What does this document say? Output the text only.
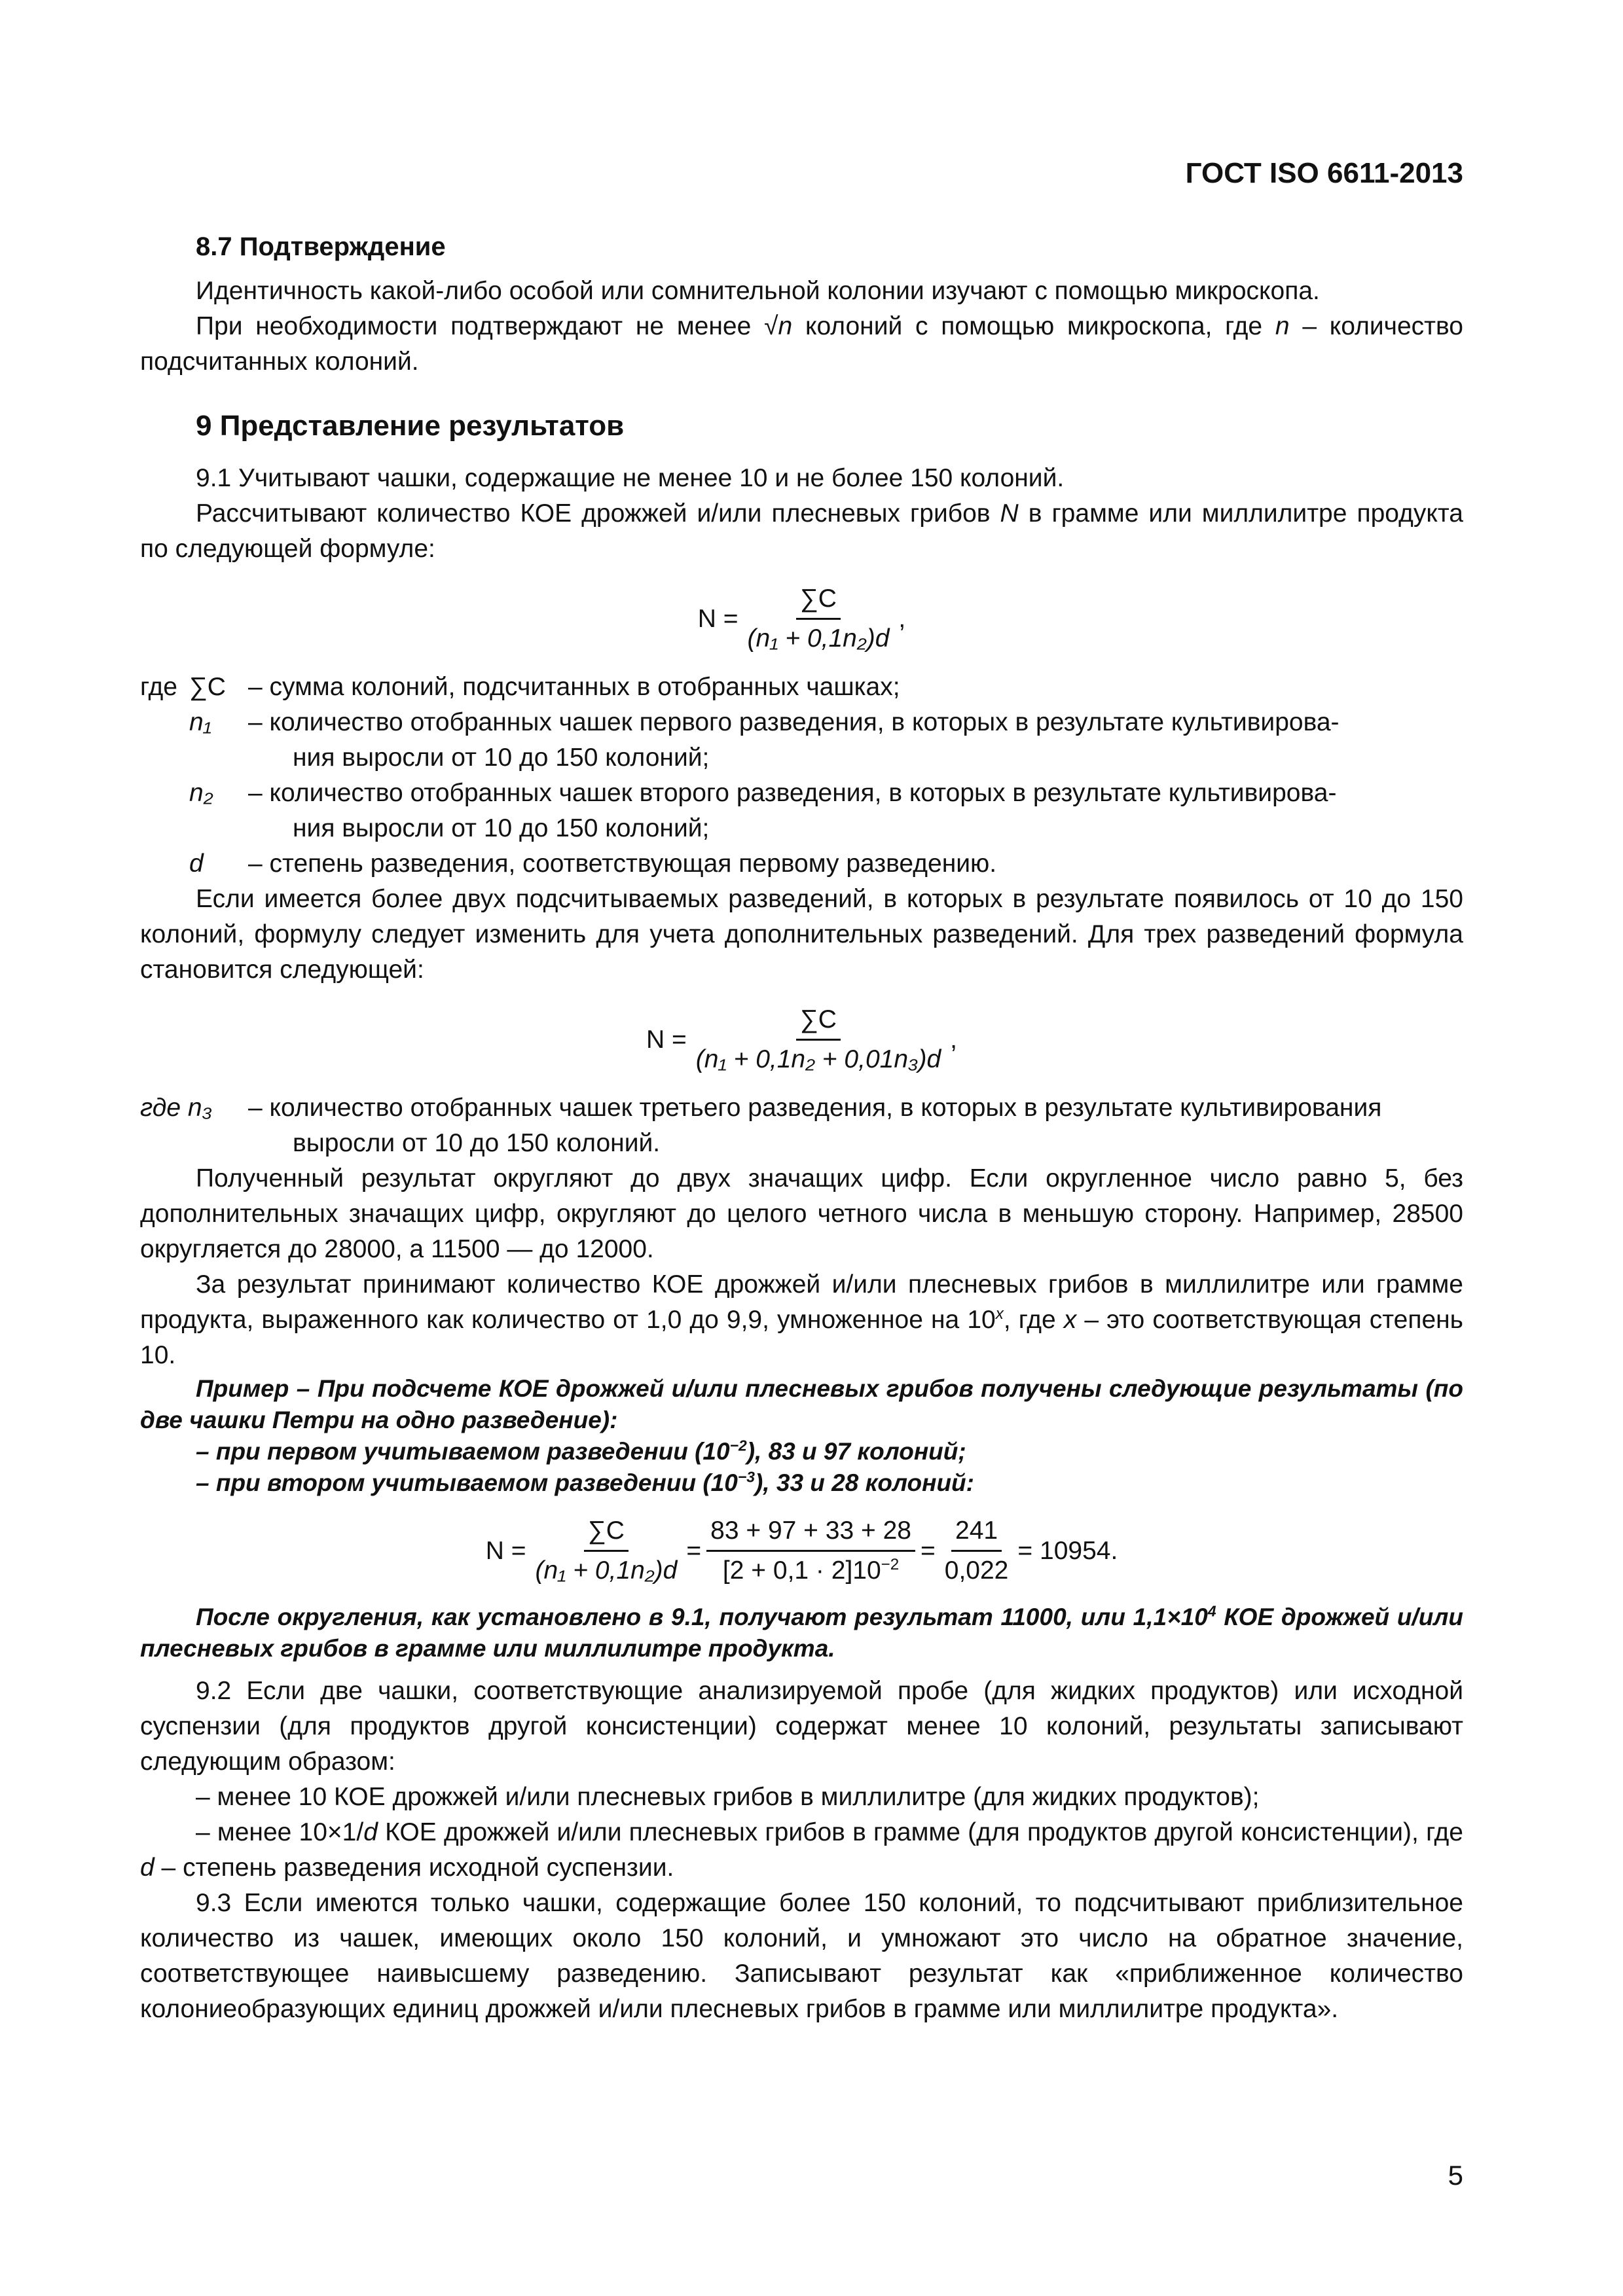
ГОСТ ISO 6611-2013
8.7 Подтверждение

Идентичность какой-либо особой или сомнительной колонии изучают с помощью микроскопа.

При необходимости подтверждают не менее √n колоний с помощью микроскопа, где n – количество подсчитанных колоний.

9 Представление результатов

9.1 Учитывают чашки, содержащие не менее 10 и не более 150 колоний.

Рассчитывают количество КОЕ дрожжей и/или плесневых грибов N в грамме или миллилитре продукта по следующей формуле:

$N = \frac{\sum C}{\text{(n₁ + 0,1n₂)d}}$ ,
где ∑C – сумма колоний, подсчитанных в отобранных чашках;
n₁	– количество отобранных чашек первого разведения, в которых в результате культивирова-
ния выросли от 10 до 150 колоний;
n₂	– количество отобранных чашек второго разведения, в которых в результате культивирова-
ния выросли от 10 до 150 колоний;
d	– степень разведения, соответствующая первому разведению.

Если имеется более двух подсчитываемых разведений, в которых в результате появилось от 10 до 150 колоний, формулу следует изменить для учета дополнительных разведений. Для трех разведений формула становится следующей:

$N = \frac{\sum C}{\text{(n₁ + 0,1n₂ + 0,01n₃)d}}$ ,
где n₃	– количество отобранных чашек третьего разведения, в которых в результате культивирования
выросли от 10 до 150 колоний.

Полученный результат округляют до двух значащих цифр. Если округленное число равно 5, без дополнительных значащих цифр, округляют до целого четного числа в меньшую сторону. Например, 28500 округляется до 28000, а 11500 — до 12000.

За результат принимают количество КОЕ дрожжей и/или плесневых грибов в миллилитре или грамме продукта, выраженного как количество от 1,0 до 9,9, умноженное на 10$^x$, где x – это соответствующая степень 10.

Пример – При подсчете КОЕ дрожжей и/или плесневых грибов получены следующие результаты (по две чашки Петри на одно разведение):

– при первом учитываемом разведении $(10^{-2})$, 83 и 97 колоний;
– при втором учитываемом разведении $(10^{-3})$, 33 и 28 колоний:
$N = \frac{\sum C}{\text{(n₁ + 0,1n₂)d}} = \frac{83 + 97 + 33 + 28}{[2 + 0,1 \cdot 2]10^{-2}} = \frac{241}{0,022} = 10954$.

После округления, как установлено в 9.1, получают результат 11000, или $1,1\times 10^4$ КОЕ дрожжей и/или плесневых грибов в грамме или миллилитре продукта.

9.2 Если две чашки, соответствующие анализируемой пробе (для жидких продуктов) или исходной суспензии (для продуктов другой консистенции) содержат менее 10 колоний, результаты записывают следующим образом:

– менее 10 КОЕ дрожжей и/или плесневых грибов в миллилитре (для жидких продуктов);

– менее 10×1/d КОЕ дрожжей и/или плесневых грибов в грамме (для продуктов другой консистенции), где d – степень разведения исходной суспензии.

9.3 Если имеются только чашки, содержащие более 150 колоний, то подсчитывают приблизительное количество из чашек, имеющих около 150 колоний, и умножают это число на обратное значение, соответствующее наивысшему разведению. Записывают результат как «приближенное количество колониеобразующих единиц дрожжей и/или плесневых грибов в грамме или миллилитре продукта».

5
